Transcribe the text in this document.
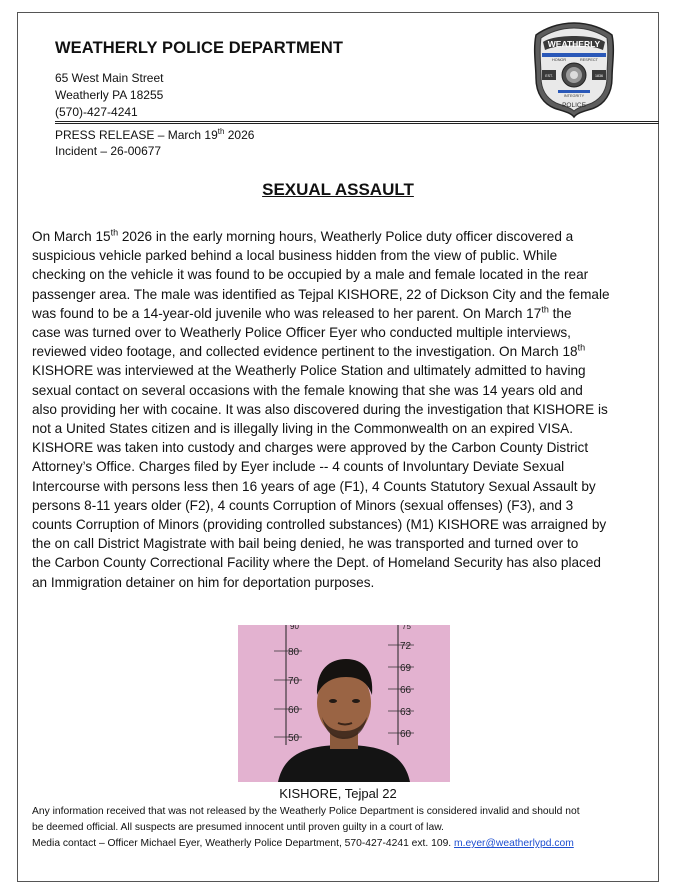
WEATHERLY POLICE DEPARTMENT
65 West Main Street
Weatherly PA 18255
(570)-427-4241
PRESS RELEASE – March 19th 2026
Incident – 26-00677
WEATHERLY
HONOR	RESPECT
EST.	1836
INTEGRITY
POLICE
SEXUAL ASSAULT
On March 15th 2026 in the early morning hours, Weatherly Police duty officer discovered a
suspicious vehicle parked behind a local business hidden from the view of public. While
checking on the vehicle it was found to be occupied by a male and female located in the rear
passenger area. The male was identified as Tejpal KISHORE, 22 of Dickson City and the female
was found to be a 14-year-old juvenile who was released to her parent. On March 17th the
case was turned over to Weatherly Police Officer Eyer who conducted multiple interviews,
reviewed video footage, and collected evidence pertinent to the investigation. On March 18th
KISHORE was interviewed at the Weatherly Police Station and ultimately admitted to having
sexual contact on several occasions with the female knowing that she was 14 years old and
also providing her with cocaine. It was also discovered during the investigation that KISHORE is
not a United States citizen and is illegally living in the Commonwealth on an expired VISA.
KISHORE was taken into custody and charges were approved by the Carbon County District
Attorney’s Office. Charges filed by Eyer include -- 4 counts of Involuntary Deviate Sexual
Intercourse with persons less then 16 years of age (F1), 4 Counts Statutory Sexual Assault by
persons 8-11 years older (F2), 4 counts Corruption of Minors (sexual offenses) (F3), and 3
counts Corruption of Minors (providing controlled substances) (M1) KISHORE was arraigned by
the on call District Magistrate with bail being denied, he was transported and turned over to
the Carbon County Correctional Facility where the Dept. of Homeland Security has also placed
an Immigration detainer on him for deportation purposes.
90	75
80
70
60
50
72
69
66
63
60
KISHORE, Tejpal 22
Any information received that was not released by the Weatherly Police Department is considered invalid and should not
be deemed official. All suspects are presumed innocent until proven guilty in a court of law.
Media contact – Officer Michael Eyer, Weatherly Police Department, 570-427-4241 ext. 109. m.eyer@weatherlypd.com
